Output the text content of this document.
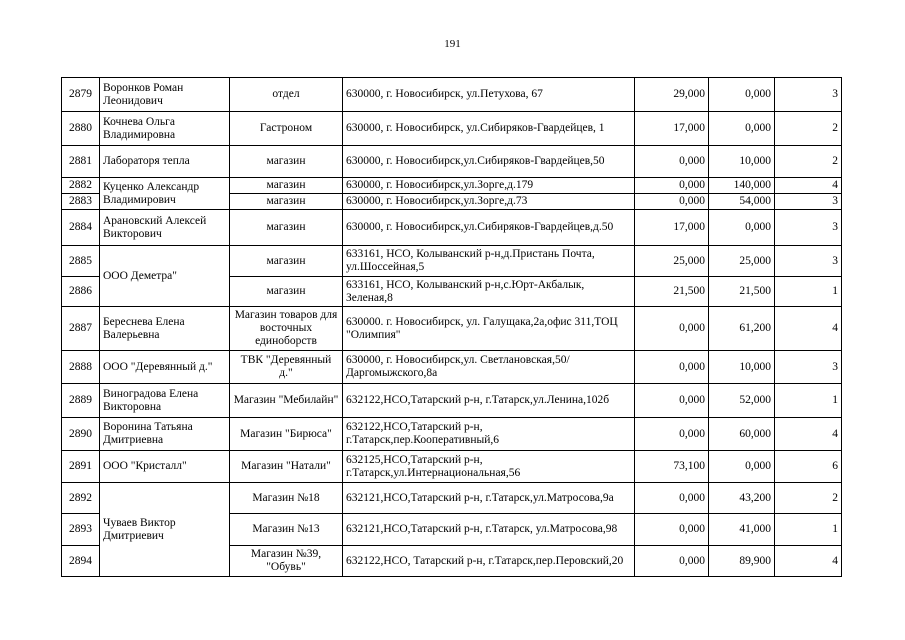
191
2879	Воронков Роман Леонидович	отдел	630000, г. Новосибирск, ул.Петухова, 67	29,000	0,000	3
2880	Кочнева Ольга Владимировна	Гастроном	630000, г. Новосибирск, ул.Сибиряков-Гвардейцев, 1	17,000	0,000	2
2881	Лабораторя тепла	магазин	630000, г. Новосибирск,ул.Сибиряков-Гвардейцев,50	0,000	10,000	2
2882	Куценко Александр Владимирович	магазин	630000, г. Новосибирск,ул.Зорге,д.179	0,000	140,000	4
2883		магазин	630000, г. Новосибирск,ул.Зорге,д.73	0,000	54,000	3
2884	Арановский Алексей Викторович	магазин	630000, г. Новосибирск,ул.Сибиряков-Гвардейцев,д.50	17,000	0,000	3
2885	ООО Деметра"	магазин	633161, НСО, Колыванский р-н,д.Пристань Почта, ул.Шоссейная,5	25,000	25,000	3
2886		магазин	633161, НСО, Колыванский р-н,с.Юрт-Акбалык, Зеленая,8	21,500	21,500	1
2887	Береснева Елена Валерьевна	Магазин товаров для восточных единоборств	630000. г. Новосибирск, ул. Галущака,2а,офис 311,ТОЦ "Олимпия"	0,000	61,200	4
2888	ООО "Деревянный д."	ТВК "Деревянный д."	630000, г. Новосибирск,ул. Светлановская,50/Даргомыжского,8а	0,000	10,000	3
2889	Виноградова Елена Викторовна	Магазин "Мебилайн"	632122,НСО,Татарский р-н, г.Татарск,ул.Ленина,102б	0,000	52,000	1
2890	Воронина Татьяна Дмитриевна	Магазин "Бирюса"	632122,НСО,Татарский р-н, г.Татарск,пер.Кооперативный,6	0,000	60,000	4
2891	ООО "Кристалл"	Магазин "Натали"	632125,НСО,Татарский р-н, г.Татарск,ул.Интернациональная,56	73,100	0,000	6
2892	Чуваев Виктор Дмитриевич	Магазин №18	632121,НСО,Татарский р-н, г.Татарск,ул.Матросова,9а	0,000	43,200	2
2893		Магазин №13	632121,НСО,Татарский р-н, г.Татарск, ул.Матросова,98	0,000	41,000	1
2894		Магазин №39, "Обувь"	632122,НСО, Татарский р-н, г.Татарск,пер.Перовский,20	0,000	89,900	4
